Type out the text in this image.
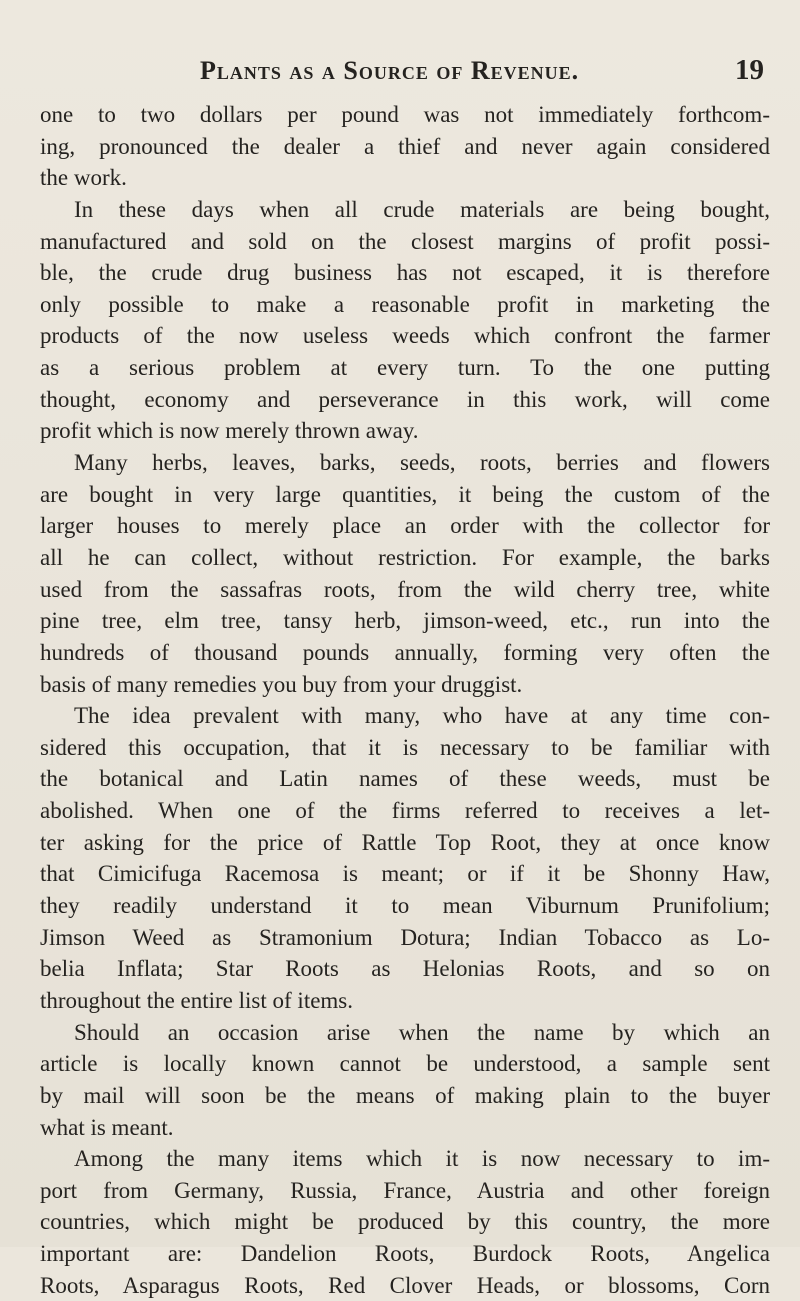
Plants as a Source of Revenue.	19
one to two dollars per pound was not immediately forthcom-
ing, pronounced the dealer a thief and never again considered
the work.
In these days when all crude materials are being bought,
manufactured and sold on the closest margins of profit possi-
ble, the crude drug business has not escaped, it is therefore
only possible to make a reasonable profit in marketing the
products of the now useless weeds which confront the farmer
as a serious problem at every turn. To the one putting
thought, economy and perseverance in this work, will come
profit which is now merely thrown away.
Many herbs, leaves, barks, seeds, roots, berries and flowers
are bought in very large quantities, it being the custom of the
larger houses to merely place an order with the collector for
all he can collect, without restriction. For example, the barks
used from the sassafras roots, from the wild cherry tree, white
pine tree, elm tree, tansy herb, jimson-weed, etc., run into the
hundreds of thousand pounds annually, forming very often the
basis of many remedies you buy from your druggist.
The idea prevalent with many, who have at any time con-
sidered this occupation, that it is necessary to be familiar with
the botanical and Latin names of these weeds, must be
abolished. When one of the firms referred to receives a let-
ter asking for the price of Rattle Top Root, they at once know
that Cimicifuga Racemosa is meant; or if it be Shonny Haw,
they readily understand it to mean Viburnum Prunifolium;
Jimson Weed as Stramonium Dotura; Indian Tobacco as Lo-
belia Inflata; Star Roots as Helonias Roots, and so on
throughout the entire list of items.
Should an occasion arise when the name by which an
article is locally known cannot be understood, a sample sent
by mail will soon be the means of making plain to the buyer
what is meant.
Among the many items which it is now necessary to im-
port from Germany, Russia, France, Austria and other foreign
countries, which might be produced by this country, the more
important are: Dandelion Roots, Burdock Roots, Angelica
Roots, Asparagus Roots, Red Clover Heads, or blossoms, Corn
